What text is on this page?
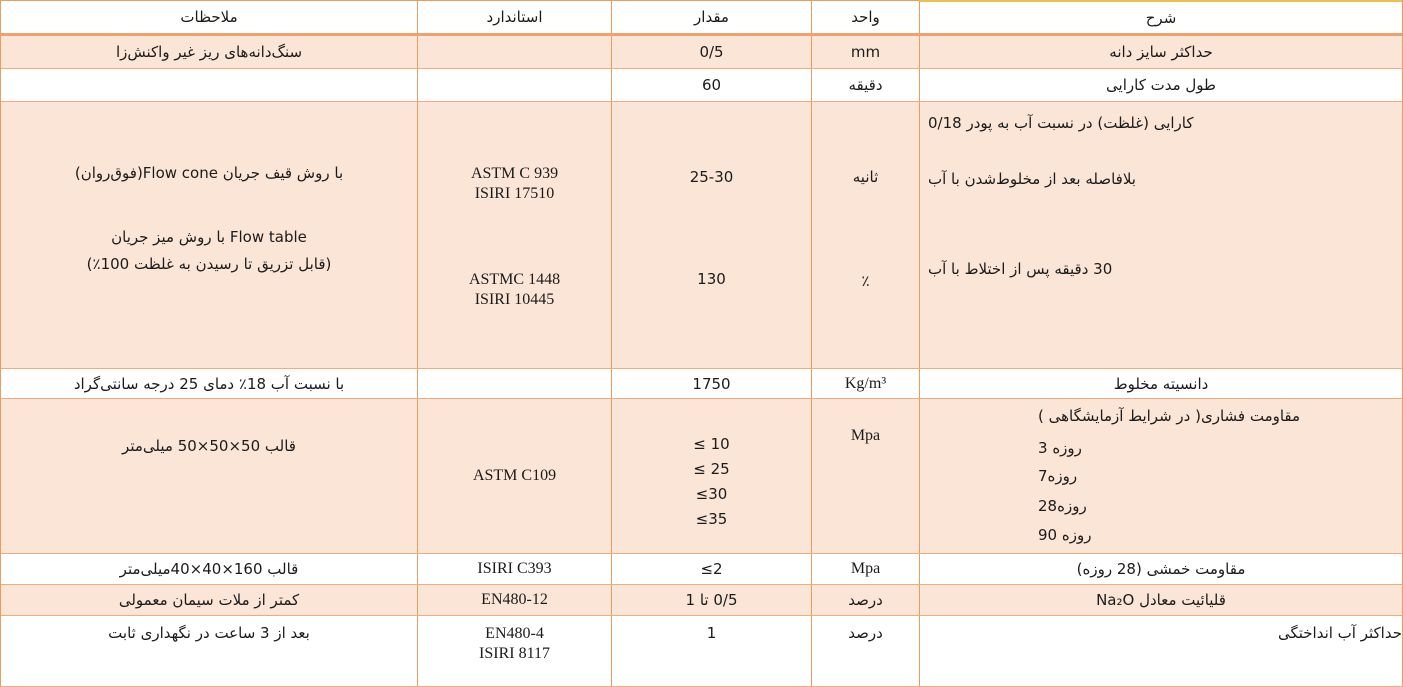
شرح
واحد
مقدار
استاندارد
ملاحظات
حداکثر سایز دانه
mm
0/5
سنگ‌دانه‌های ریز غیر واکنش‌زا
طول مدت کارایی
دقیقه
60
کارایی (غلظت) در نسبت آب به پودر 0/18
بلافاصله بعد از مخلوط‌شدن با آب
30 دقیقه پس از اختلاط با آب
ثانیه
٪
25-30
130
ASTM C 939
ISIRI 17510
ASTMC 1448
ISIRI 10445
با روش قیف جریان Flow cone(فوق‌روان)
Flow table با روش میز جریان
(قابل تزریق تا رسیدن به غلظت 100٪)
دانسیته مخلوط
Kg/m³
1750
با نسبت آب 18٪ دمای 25 درجه سانتی‌گراد
مقاومت فشاری( در شرایط آزمایشگاهی )
3 روزه
7روزه
28روزه
90 روزه
Mpa
≤ 10
≤ 25
≤30
≤35
ASTM C109
قالب 50×50×50 میلی‌متر
مقاومت خمشی (28 روزه)
Mpa
≤2
ISIRI C393
قالب 160×40×40میلی‌متر
قلیائیت معادل Na₂O
درصد
0/5 تا 1
EN480-12
کمتر از ملات سیمان معمولی
حداکثر آب انداختگی
درصد
1
EN480-4
ISIRI 8117
بعد از 3 ساعت در نگهداری ثابت
